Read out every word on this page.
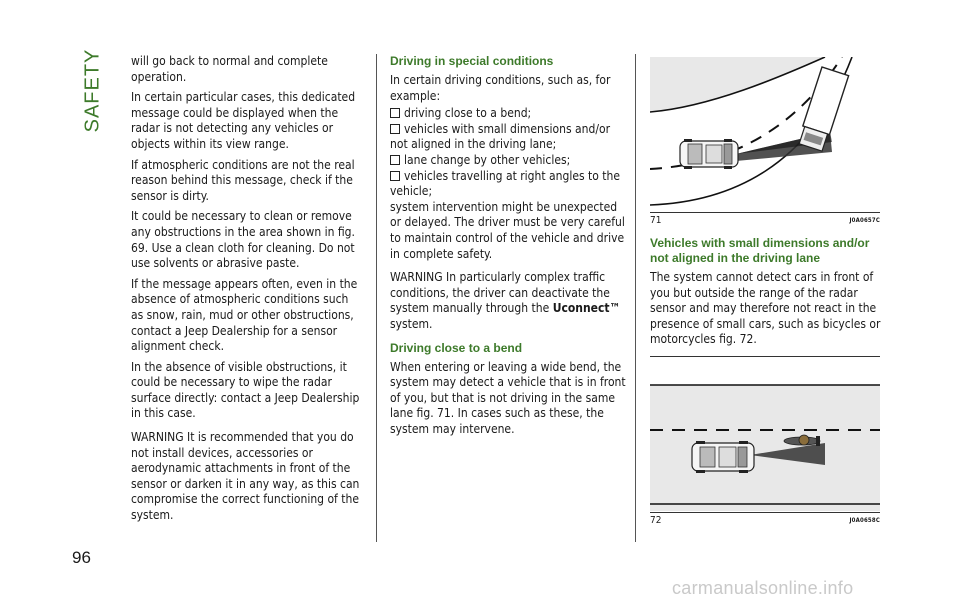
SAFETY will go back to normal and complete operation.

In certain particular cases, this dedicated message could be displayed when the radar is not detecting any vehicles or objects within its view range.

If atmospheric conditions are not the real reason behind this message, check if the sensor is dirty.

It could be necessary to clean or remove any obstructions in the area shown in fig. 69. Use a clean cloth for cleaning. Do not use solvents or abrasive paste.

If the message appears often, even in the absence of atmospheric conditions such as snow, rain, mud or other obstructions, contact a Jeep Dealership for a sensor alignment check.

In the absence of visible obstructions, it could be necessary to wipe the radar surface directly: contact a Jeep Dealership in this case.

WARNING It is recommended that you do not install devices, accessories or aerodynamic attachments in front of the sensor or darken it in any way, as this can compromise the correct functioning of the system.

Driving in special conditions

In certain driving conditions, such as, for example:

driving close to a bend;
vehicles with small dimensions and/or not aligned in the driving lane;
lane change by other vehicles;
vehicles travelling at right angles to the vehicle;

system intervention might be unexpected or delayed. The driver must be very careful to maintain control of the vehicle and drive in complete safety.

WARNING In particularly complex traffic conditions, the driver can deactivate the system manually through the Uconnect™ system.

Driving close to a bend

When entering or leaving a wide bend, the system may detect a vehicle that is in front of you, but that is not driving in the same lane fig. 71. In cases such as these, the system may intervene.

71	J0A0657C
Vehicles with small dimensions and/or not aligned in the driving lane

The system cannot detect cars in front of you but outside the range of the radar sensor and may therefore not react in the presence of small cars, such as bicycles or motorcycles fig. 72.

72	J0A0658C
96
carmanualsonline.info
